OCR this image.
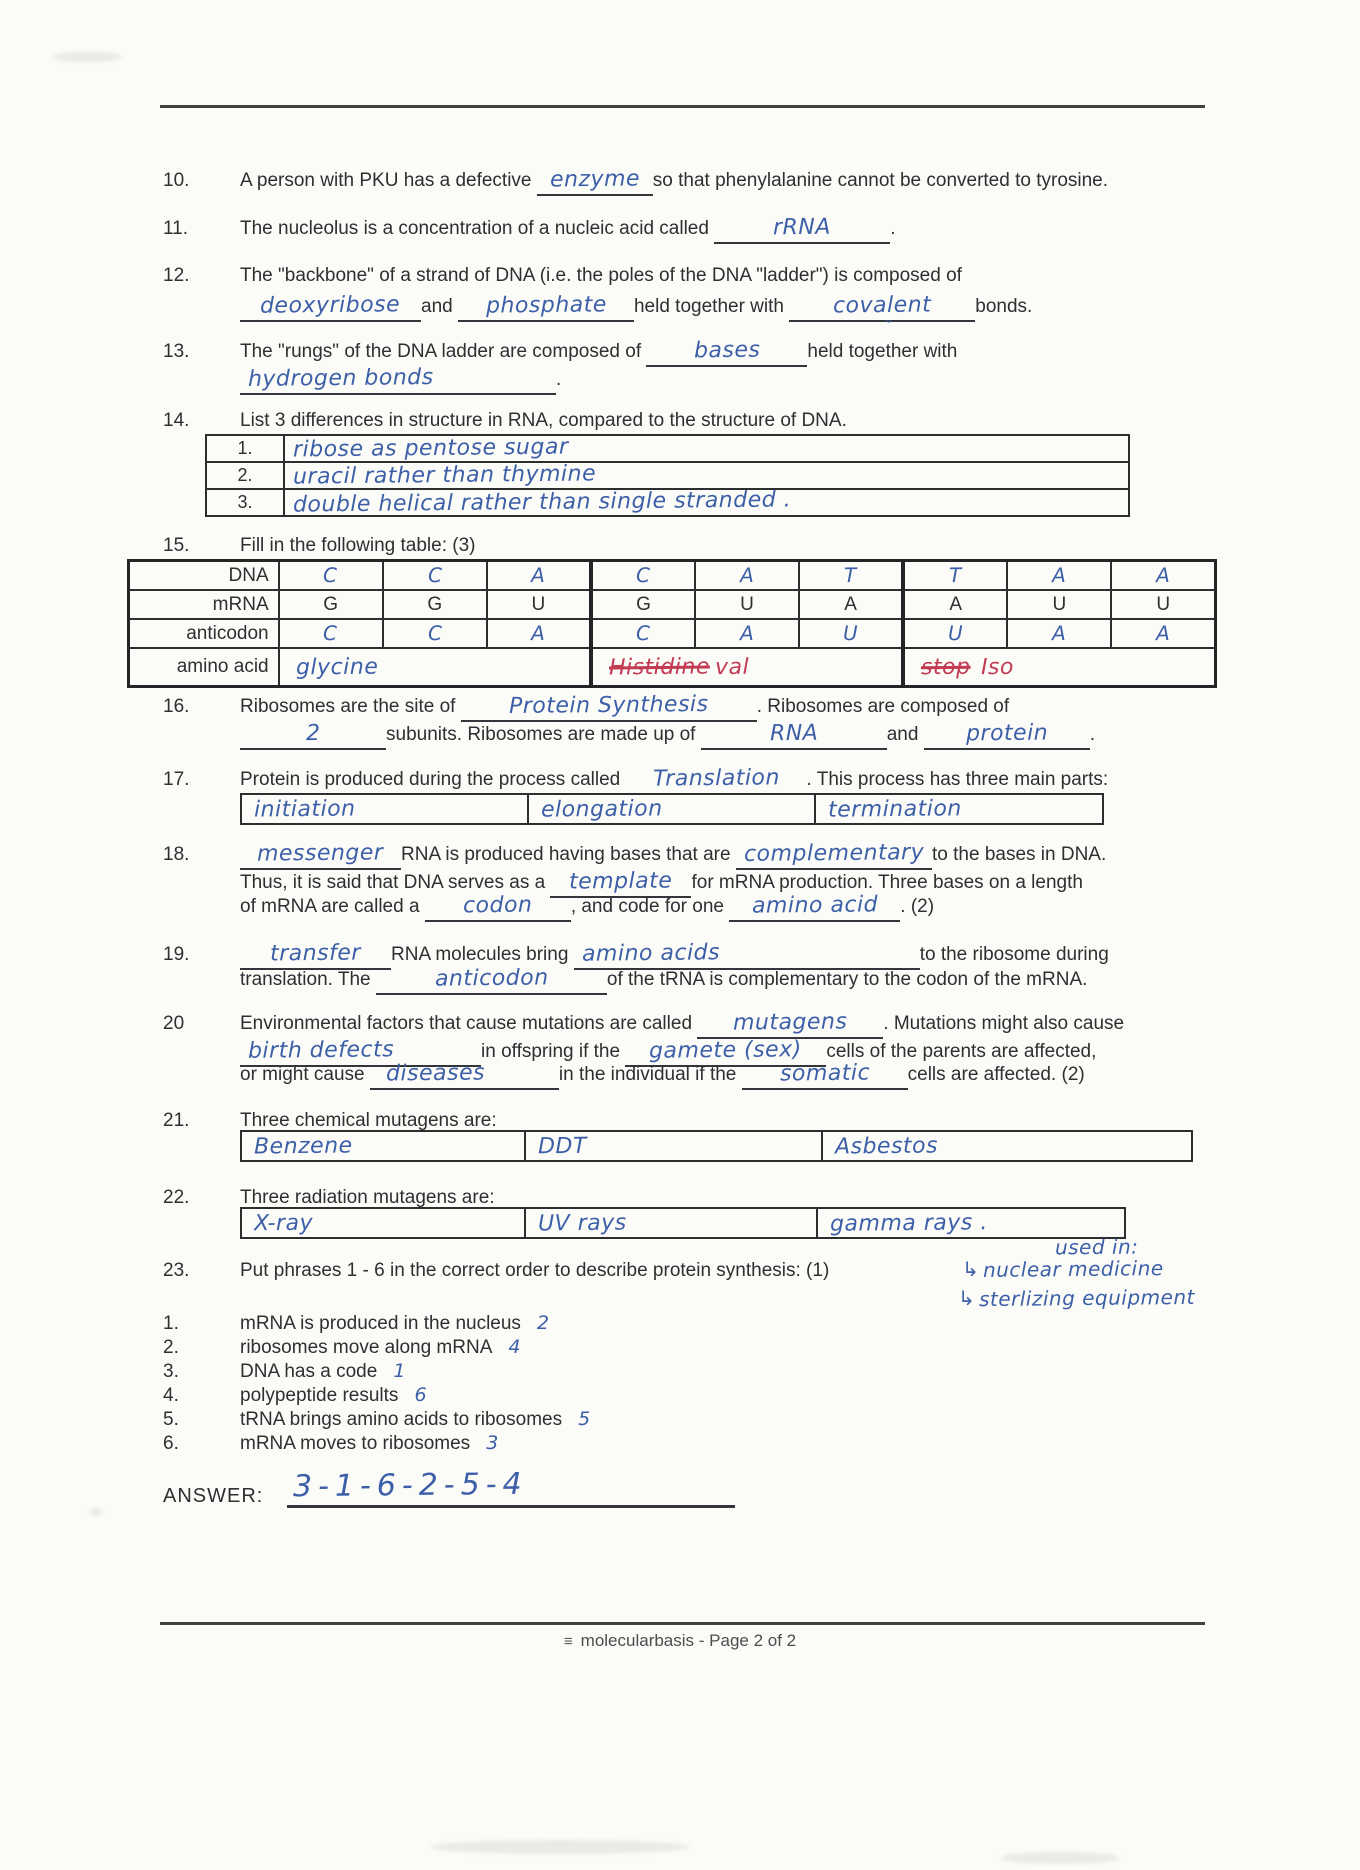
10.	A person with PKU has a defective enzyme so that phenylalanine cannot be converted to tyrosine.
11.	The nucleolus is a concentration of a nucleic acid called	rRNA	.
12.	The "backbone" of a strand of DNA (i.e. the poles of the DNA "ladder") is composed of
deoxyribose and phosphate held together with covalent
ˇ
bonds.
13.	The "rungs" of the DNA ladder are composed of bases held together with
hydrogen bonds	.
14.	List 3 differences in structure in RNA, compared to the structure of DNA.
1.	ribose as pentose sugar
2.	uracil rather than thymine
3.	double helical rather than single stranded .
15.	Fill in the following table: (3)
DNA	C	C	A	C	A	T	T	A	A
mRNA	G	G	U	G	U	A	A	U	U
anticodon	C	C	A	C	A	U	U	A	A
amino acid	glycine			Histidine val			stop Iso		
16.	Ribosomes are the site of Protein Synthesis	. Ribosomes are composed of
2	subunits. Ribosomes are made up of	RNA	and protein .
17.	Protein is produced during the process called Translation . This process has three main parts:
initiation	elongation	termination
18.	messenger RNA is produced having bases that are complementary to the bases in DNA.
Thus, it is said that DNA serves as a template for mRNA production. Three bases on a length
of mRNA are called a codon , and code for one amino acid . (2)
19.	transfer RNA molecules bring amino acids	to the ribosome during
translation. The	anticodon	of the tRNA is complementary to the codon of the mRNA.
20	Environmental factors that cause mutations are called mutagens . Mutations might also cause
birth defects	in offspring if the gamete (sex) cells of the parents are affected,
or might cause diseases	in the individual if the somatic cells are affected. (2)
21.	Three chemical mutagens are:
Benzene	DDT	Asbestos
22.	Three radiation mutagens are:
X-ray	UV rays	gamma rays .
used in:
↳ nuclear medicine
↳ sterlizing equipment
23.	Put phrases 1 - 6 in the correct order to describe protein synthesis: (1)
1.	mRNA is produced in the nucleus 2
2.	ribosomes move along mRNA 4
3.	DNA has a code 1
4.	polypeptide results 6
5.	tRNA brings amino acids to ribosomes 5
6.	mRNA moves to ribosomes 3
ANSWER: 3-1-6-2-5-4
≡ molecularbasis - Page 2 of 2
